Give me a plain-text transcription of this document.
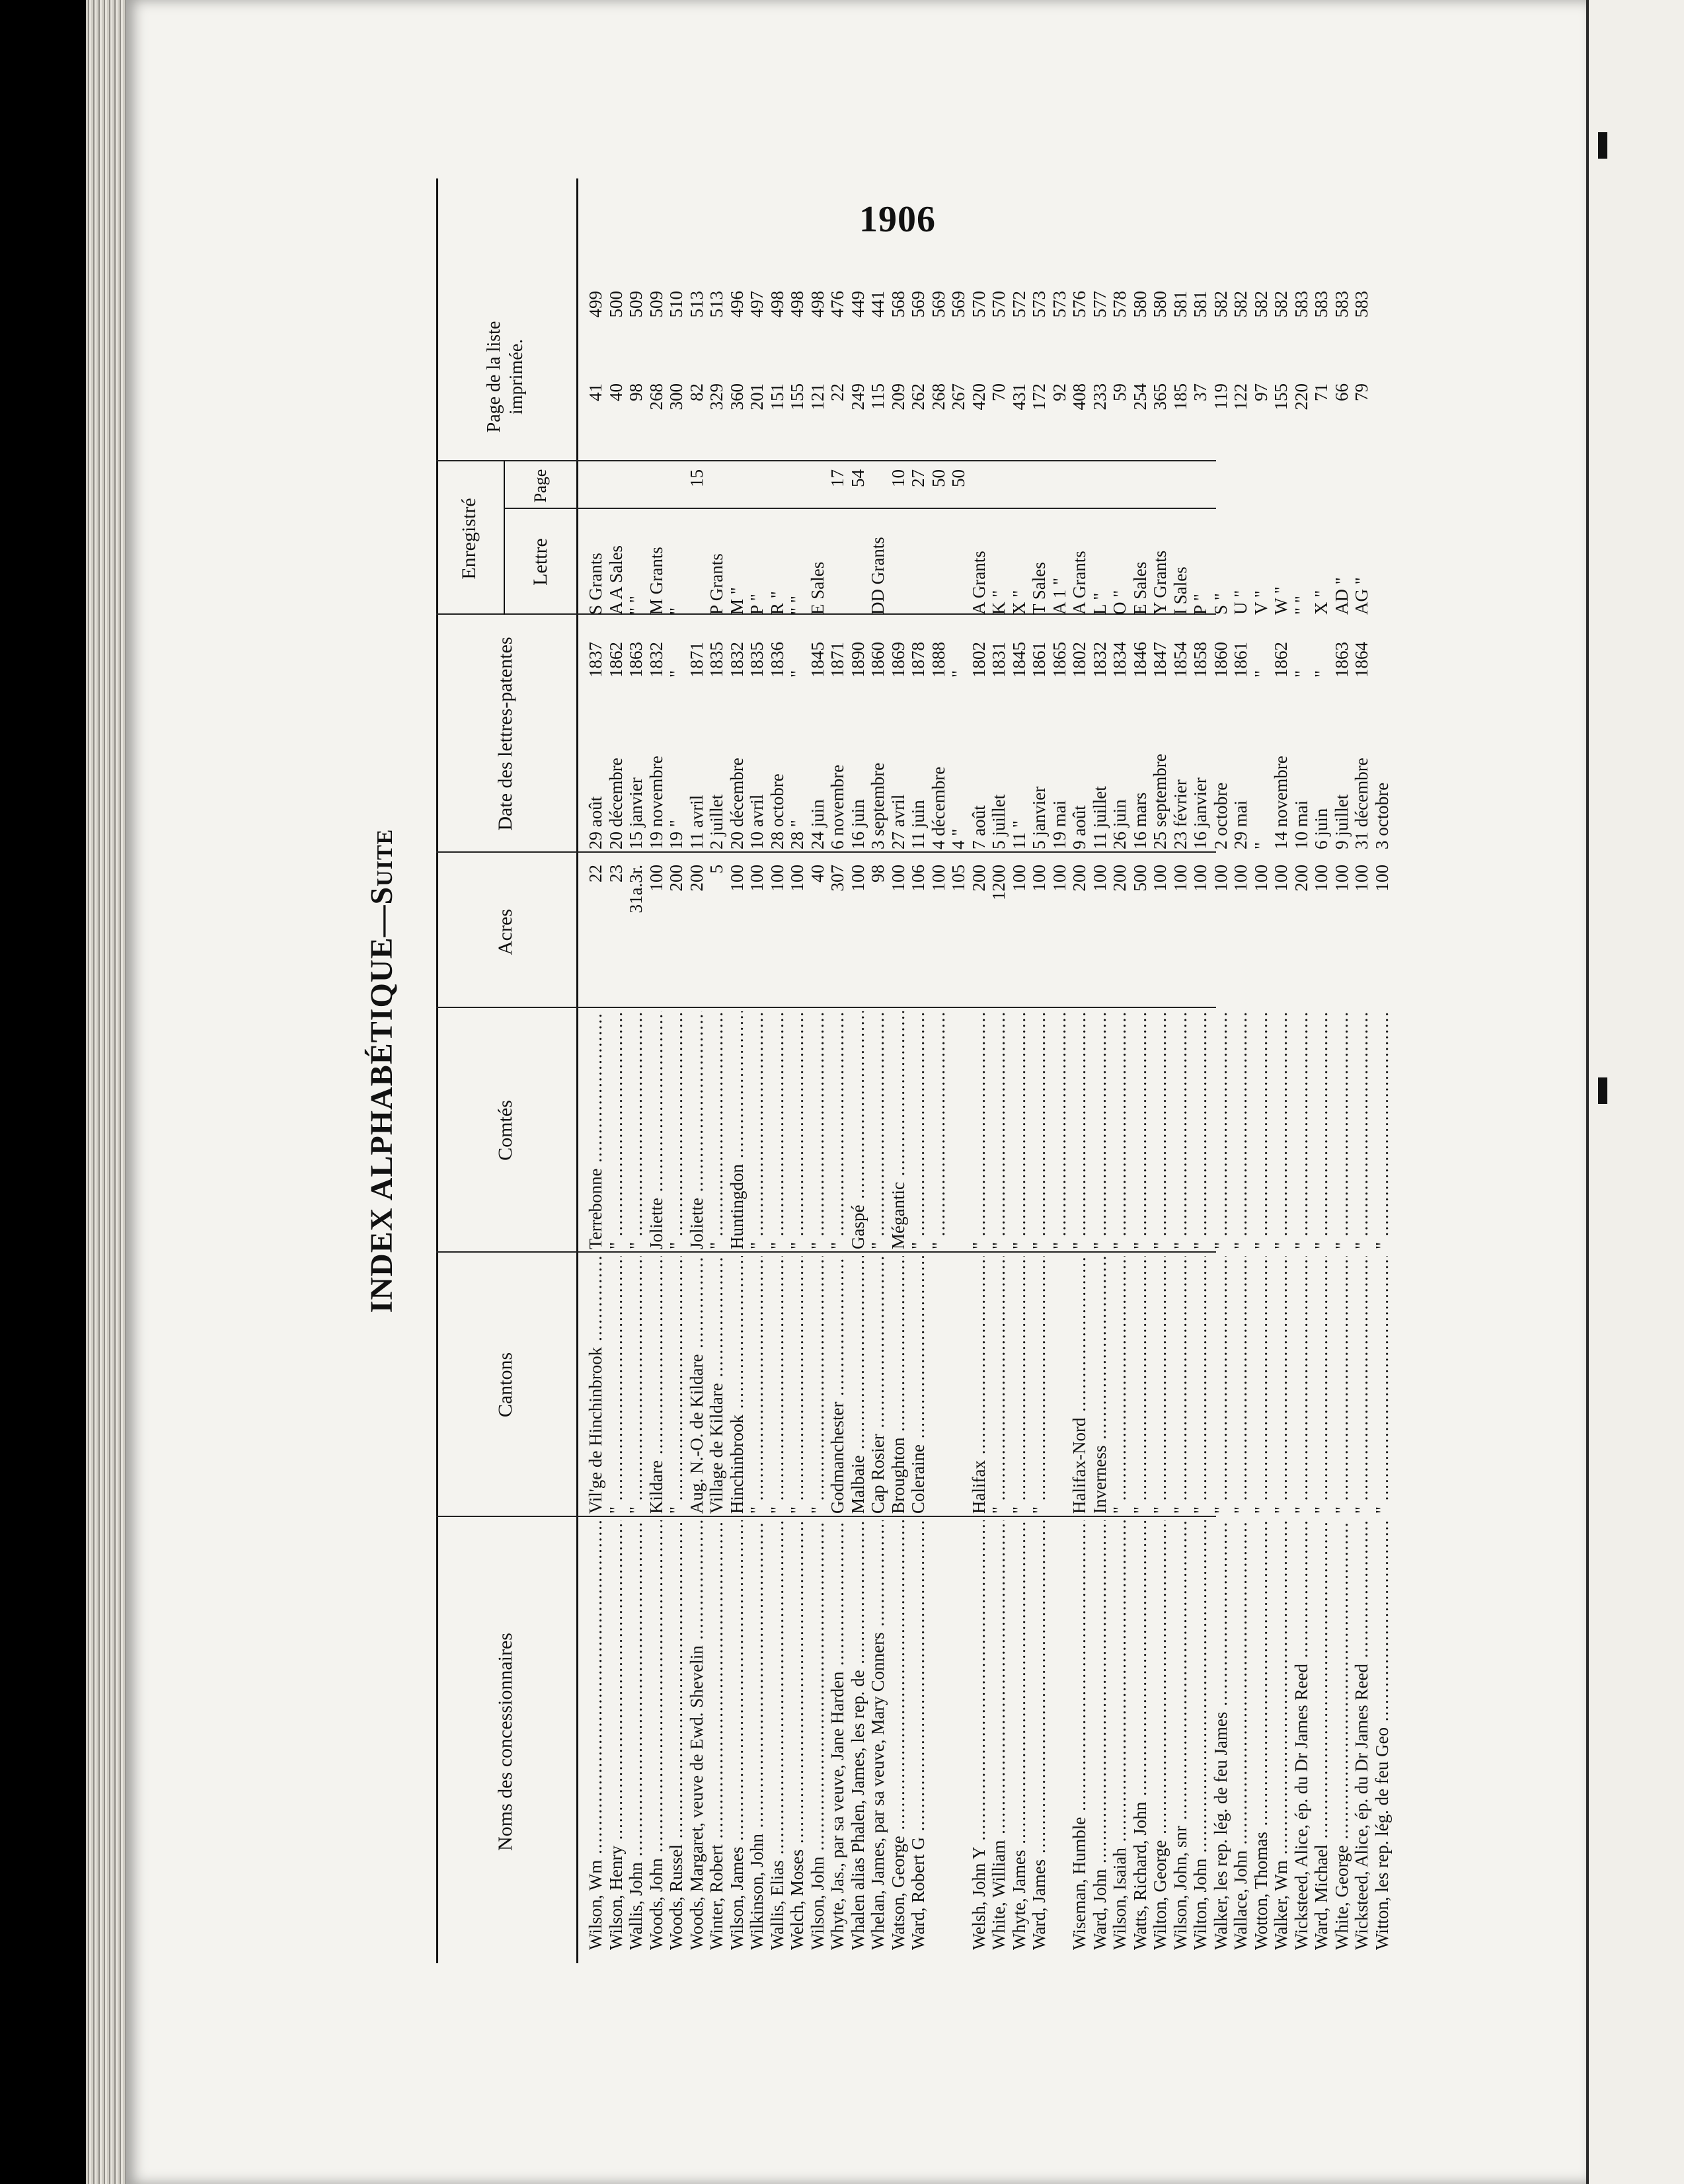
1906
INDEX ALPHABÉTIQUE—Suite
Noms des concessionnaires
Cantons
Comtés
Acres
Date des lettres-patentes
Enregistré	Lettre
Page
Page de la liste imprimée.
Wilson, Wm .....
Vil'ge de Hinchinbrook .....
Terrebonne .....
22
29 août
1837
S Grants
41
499
Wilson, Henry .....
" .....
" .....
23
20 décembre
1862
A A Sales
40
500
Wallis, John .....
" .....
" .....
31a.3r.
15 janvier
1863
" "
98
509
Woods, John .....
Kildare .....
Joliette .....
100
19 novembre
1832
M Grants
268
509
Woods, Russel .....
" .....
" .....
200
19 "
"
"
300
510
Woods, Margaret, veuve de Ewd. Shevelin .....
Aug. N.-O. de Kildare .....
Joliette .....
200
11 avril
1871
15
82
513
Winter, Robert .....
Village de Kildare .....
" .....
5
2 juillet
1835
P Grants
329
513
Wilson, James .....
Hinchinbrook .....
Huntingdon .....
100
20 décembre
1832
M "
360
496
Wilkinson, John .....
" .....
" .....
100
10 avril
1835
P "
201
497
Wallis, Elias .....
" .....
" .....
100
28 octobre
1836
R "
151
498
Welch, Moses .....
" .....
" .....
100
28 "
"
" "
155
498
Wilson, John .....
" .....
" .....
40
24 juin
1845
E Sales
121
498
Whyte, Jas., par sa veuve, Jane Harden .....
Godmanchester .....
" .....
307
6 novembre
1871
17
22
476
Whalen alias Phalen, James, les rep. de .....
Malbaie .....
Gaspé .....
100
16 juin
1890
54
249
449
Whelan, James, par sa veuve, Mary Conners .....
Cap Rosier .....
" .....
98
3 septembre
1860
DD Grants
115
441
Watson, George .....
Broughton .....
Mégantic .....
100
27 avril
1869
10
209
568
Ward, Robert G .....
Coleraine .....
" .....
106
11 juin
1878
27
262
569
" .....
100
4 décembre
1888
50
268
569
105
4 "
"
50
267
569
Welsh, John Y .....
Halifax .....
" .....
200
7 août
1802
A Grants
420
570
White, William .....
" .....
" .....
1200
5 juillet
1831
K "
70
570
Whyte, James .....
" .....
" .....
100
11 "
1845
X "
431
572
Ward, James .....
" .....
" .....
100
5 janvier
1861
T Sales
172
573
" .....
100
19 mai
1865
A 1 "
92
573
Wiseman, Humble .....
Halifax-Nord .....
" .....
200
9 août
1802
A Grants
408
576
Ward, John .....
Inverness .....
" .....
100
11 juillet
1832
L "
233
577
Wilson, Isaiah .....
" .....
" .....
200
26 juin
1834
O "
59
578
Watts, Richard, John .....
" .....
" .....
500
16 mars
1846
E Sales
254
580
Wilton, George .....
" .....
" .....
100
25 septembre
1847
Y Grants
365
580
Wilson, John, snr .....
" .....
" .....
100
23 février
1854
I Sales
185
581
Wilton, John .....
" .....
" .....
100
16 janvier
1858
P "
37
581
Walker, les rep. lég. de feu James .....
" .....
" .....
100
2 octobre
1860
S "
119
582
Wallace, John .....
" .....
" .....
100
29 mai
1861
U "
122
582
Wotton, Thomas .....
" .....
" .....
100
"
"
V "
97
582
Walker, Wm .....
" .....
" .....
100
14 novembre
1862
W "
155
582
Wicksteed, Alice, ép. du Dr James Reed .....
" .....
" .....
200
10 mai
"
" "
220
583
Ward, Michael .....
" .....
" .....
100
6 juin
"
X "
71
583
White, George .....
" .....
" .....
100
9 juillet
1863
AD "
66
583
Wicksteed, Alice, ép. du Dr James Reed .....
" .....
" .....
100
31 décembre
1864
AG "
79
583
Witton, les rep. lég. de feu Geo .....
" .....
" .....
100
3 octobre
